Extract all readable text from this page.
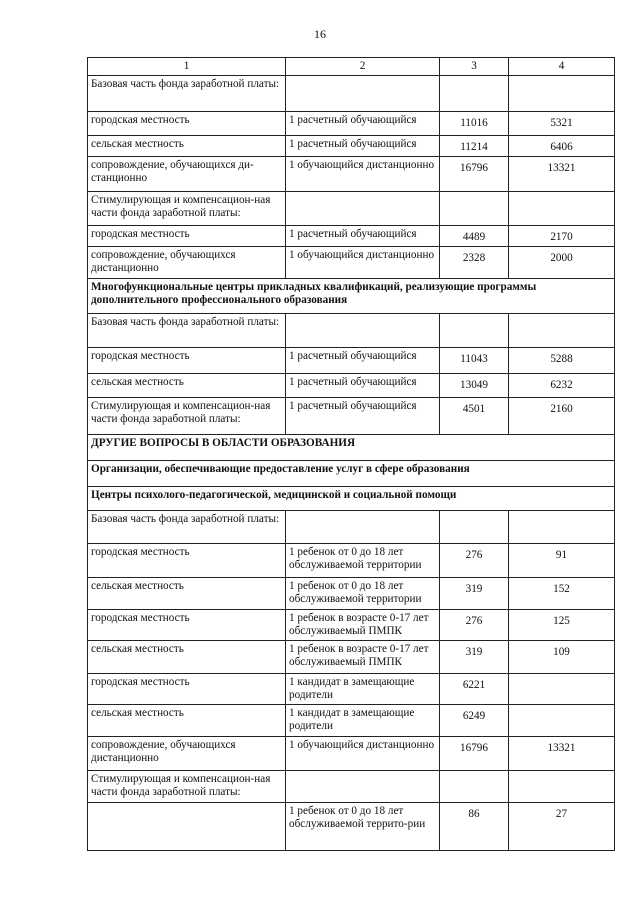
16
1	2	3	4
Базовая часть фонда заработной платы:			
городская местность	1 расчетный обучающийся	11016	5321
сельская местность	1 расчетный обучающийся	11214	6406
сопровождение, обучающихся ди-станционно	1 обучающийся дистанционно	16796	13321
Стимулирующая и компенсацион-ная части фонда заработной платы:			
городская местность	1 расчетный обучающийся	4489	2170
сопровождение, обучающихся дистанционно	1 обучающийся дистанционно	2328	2000
Многофункциональные центры прикладных квалификаций, реализующие программы дополнительного профессионального образования			
Базовая часть фонда заработной платы:			
городская местность	1 расчетный обучающийся	11043	5288
сельская местность	1 расчетный обучающийся	13049	6232
Стимулирующая и компенсацион-ная части фонда заработной платы:	1 расчетный обучающийся	4501	2160
ДРУГИЕ ВОПРОСЫ В ОБЛАСТИ ОБРАЗОВАНИЯ			
Организации, обеспечивающие предоставление услуг в сфере образования			
Центры психолого-педагогической, медицинской и социальной помощи			
Базовая часть фонда заработной платы:			
городская местность	1 ребенок от 0 до 18 лет обслуживаемой территории	276	91
сельская местность	1 ребенок от 0 до 18 лет обслуживаемой территории	319	152
городская местность	1 ребенок в возрасте 0-17 лет обслуживаемый ПМПК	276	125
сельская местность	1 ребенок в возрасте 0-17 лет обслуживаемый ПМПК	319	109
городская местность	1 кандидат в замещающие родители	6221	
сельская местность	1 кандидат в замещающие родители	6249	
сопровождение, обучающихся дистанционно	1 обучающийся дистанционно	16796	13321
Стимулирующая и компенсацион-ная части фонда заработной платы:			
	1 ребенок от 0 до 18 лет обслуживаемой террито-рии	86	27
